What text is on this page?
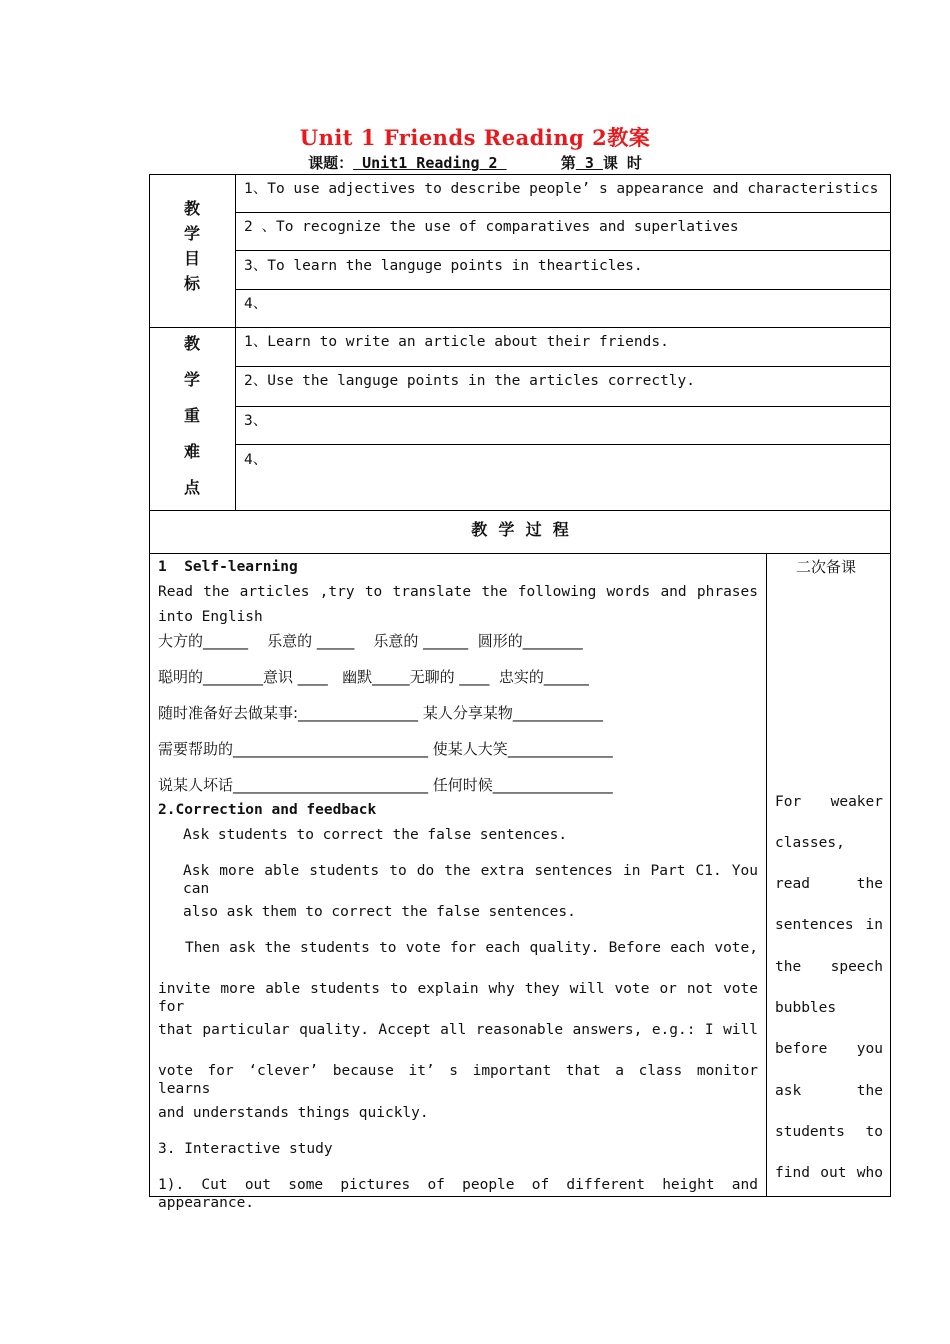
Unit 1 Friends Reading 2教案
课题： Unit1 Reading 2	第 3 课 时
教
学
目
标
1、To use adjectives to describe people’ s appearance and characteristics
2 、To recognize the use of comparatives and superlatives
3、To learn the languge points in thearticles.
4、
教
学
重
难
点
1、Learn to write an article about their friends.
2、Use the languge points in the articles correctly.
3、
4、
教  学  过  程
二次备课
1  Self-learning
Read the articles ,try to translate the following words and phrases
into English
大方的______    乐意的 _____    乐意的 ______  圆形的________
聪明的________意识 ____   幽默_____无聊的 ____  忠实的______
随时准备好去做某事:________________ 某人分享某物____________
需要帮助的__________________________ 使某人大笑______________
说某人坏话__________________________ 任何时候________________
2.Correction and feedback
Ask students to correct the false sentences.
Ask more able students to do the extra sentences in Part C1. You can
also ask them to correct the false sentences.
Then ask the students to vote for each quality. Before each vote,
invite more able students to explain why they will vote or not vote for
that particular quality. Accept all reasonable answers, e.g.: I will
vote for ‘clever’ because it’ s important that a class monitor learns
and understands things quickly.
3. Interactive study
1). Cut out some pictures of people of different height and appearance.
For weaker
classes,
read the
sentences in
the speech
bubbles
before you
ask the
students to
find out who
